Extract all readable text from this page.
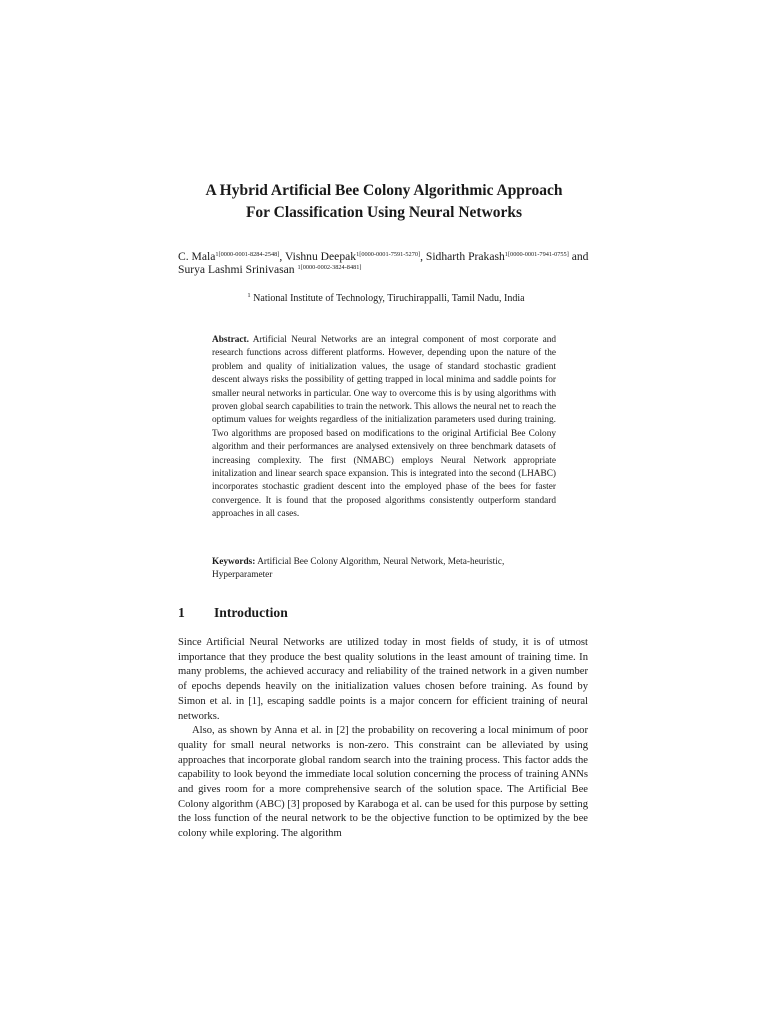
A Hybrid Artificial Bee Colony Algorithmic Approach
For Classification Using Neural Networks
C. Mala$^{1[0000-0001-8284-2548]}$, Vishnu Deepak$^{1[0000-0001-7591-5270]}$, Sidharth Prakash$^{1[0000-0001-7941-0755]}$ and Surya Lashmi Srinivasan $^{1[0000-0002-3824-8481]}$
$^1$ National Institute of Technology, Tiruchirappalli, Tamil Nadu, India
Abstract. Artificial Neural Networks are an integral component of most corporate and research functions across different platforms. However, depending upon the nature of the problem and quality of initialization values, the usage of standard stochastic gradient descent always risks the possibility of getting trapped in local minima and saddle points for smaller neural networks in particular. One way to overcome this is by using algorithms with proven global search capabilities to train the network. This allows the neural net to reach the optimum values for weights regardless of the initialization parameters used during training. Two algorithms are proposed based on modifications to the original Artificial Bee Colony algorithm and their performances are analysed extensively on three benchmark datasets of increasing complexity. The first (NMABC) employs Neural Network appropriate initalization and linear search space expansion. This is integrated into the second (LHABC) incorporates stochastic gradient descent into the employed phase of the bees for faster convergence. It is found that the proposed algorithms consistently outperform standard approaches in all cases.
Keywords: Artificial Bee Colony Algorithm, Neural Network, Meta-heuristic, Hyperparameter
1 Introduction

Since Artificial Neural Networks are utilized today in most fields of study, it is of utmost importance that they produce the best quality solutions in the least amount of training time. In many problems, the achieved accuracy and reliability of the trained network in a given number of epochs depends heavily on the initialization values chosen before training. As found by Simon et al. in [1], escaping saddle points is a major concern for efficient training of neural networks.

Also, as shown by Anna et al. in [2] the probability on recovering a local minimum of poor quality for small neural networks is non-zero. This constraint can be alleviated by using approaches that incorporate global random search into the training process. This factor adds the capability to look beyond the immediate local solution concerning the process of training ANNs and gives room for a more comprehensive search of the solution space. The Artificial Bee Colony algorithm (ABC) [3] proposed by Karaboga et al. can be used for this purpose by setting the loss function of the neural network to be the objective function to be optimized by the bee colony while exploring. The algorithm
